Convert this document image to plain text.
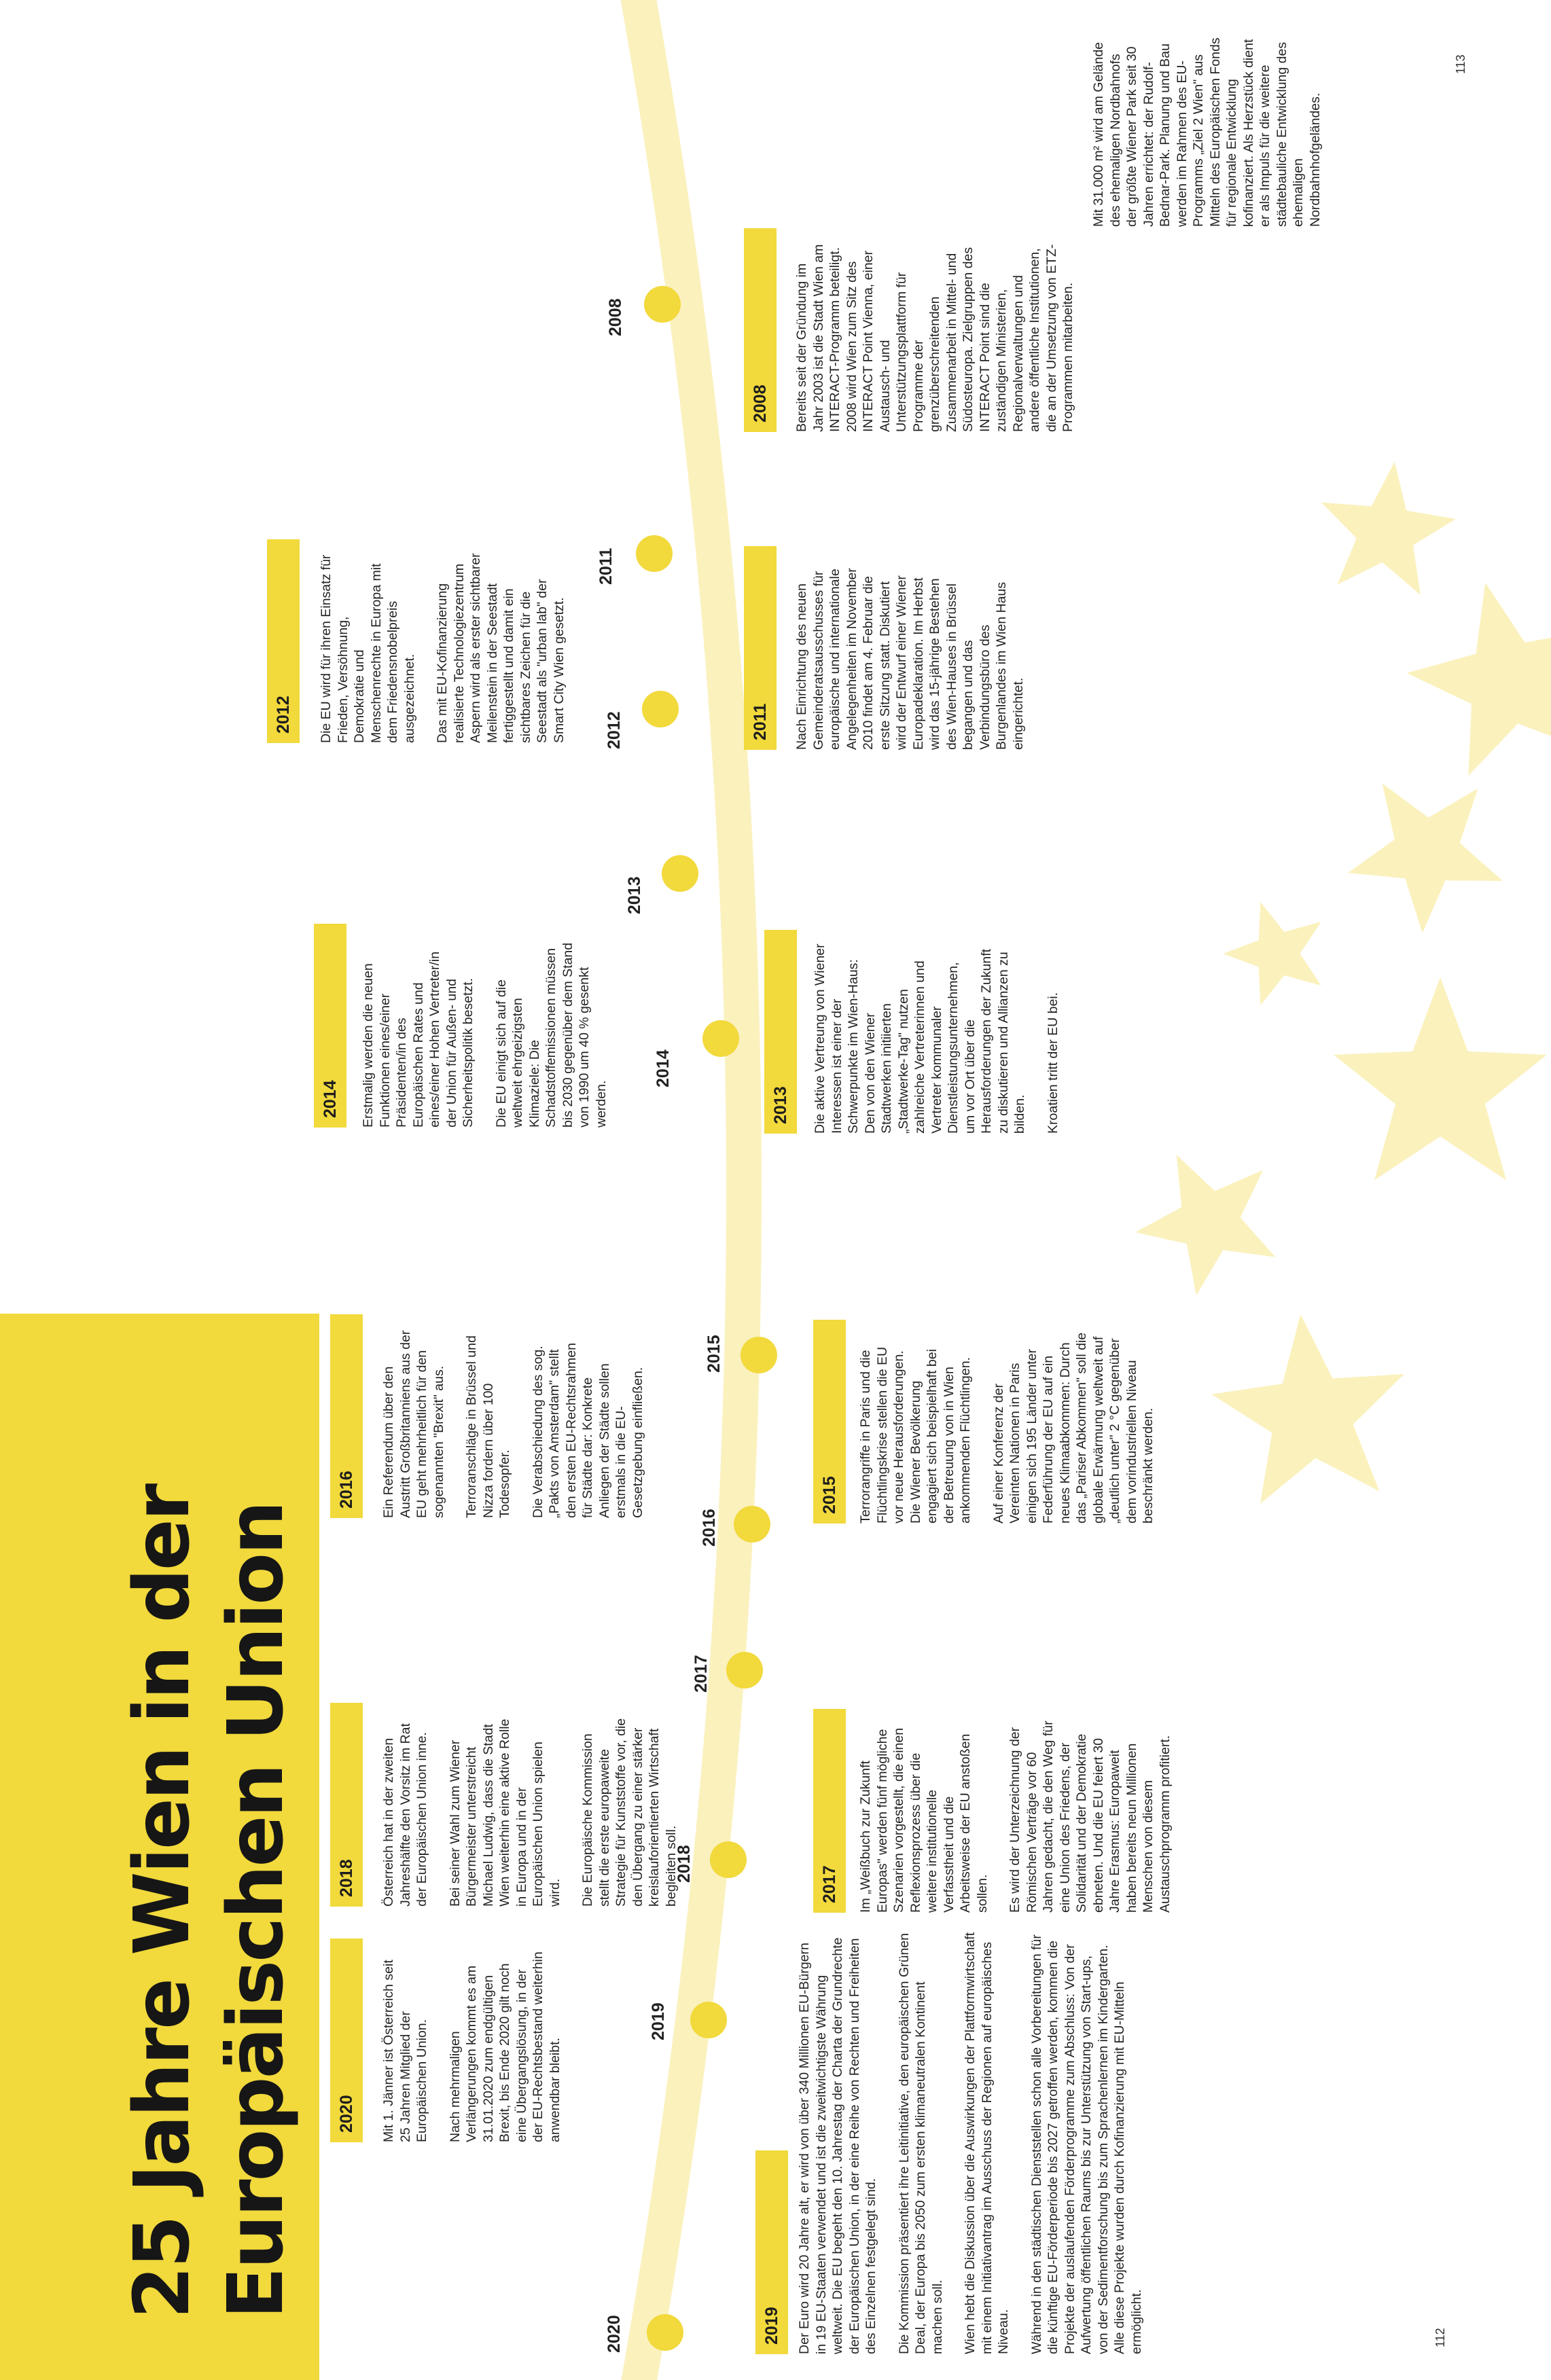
25 Jahre Wien in der
Europäischen Union
2020
2019
2018
2017
2016
2015
2014
2013
2012
2011
2008
2020	Mit 1. Jänner ist Österreich seit 25 Jahren Mitglied der Europäischen Union. Nach mehrmaligen Verlängerungen kommt es am 31.01.2020 zum endgültigen Brexit, bis Ende 2020 gilt noch eine Übergangslösung, in der der EU-Rechtsbestand weiterhin anwendbar bleibt.

2018	Österreich hat in der zweiten Jahreshälfte den Vorsitz im Rat der Europäischen Union inne. Bei seiner Wahl zum Wiener Bürgermeister unterstreicht Michael Ludwig, dass die Stadt Wien weiterhin eine aktive Rolle in Europa und in der Europäischen Union spielen wird. Die Europäische Kommission stellt die erste europaweite Strategie für Kunststoffe vor, die den Übergang zu einer stärker kreislauforientierten Wirtschaft begleiten soll.

2016	Ein Referendum über den Austritt Großbritanniens aus der EU geht mehrheitlich für den sogenannten "Brexit" aus. Terroranschläge in Brüssel und Nizza fordern über 100 Todesopfer. Die Verabschiedung des sog. „Pakts von Amsterdam" stellt den ersten EU-Rechtsrahmen für Städte dar: Konkrete Anliegen der Städte sollen erstmals in die EU- Gesetzgebung einfließen.

2014	Erstmalig werden die neuen Funktionen eines/einer Präsidenten/in des Europäischen Rates und eines/einer Hohen Vertreter/in der Union für Außen- und Sicherheitspolitik besetzt. Die EU einigt sich auf die weltweit ehrgeizigsten Klimaziele: Die Schadstoffemissionen müssen bis 2030 gegenüber dem Stand von 1990 um 40 % gesenkt werden.

2012	Die EU wird für ihren Einsatz für Frieden, Versöhnung, Demokratie und Menschenrechte in Europa mit dem Friedensnobelpreis ausgezeichnet. Das mit EU-Kofinanzierung realisierte Technologiezentrum Aspern wird als erster sichtbarer Meilenstein in der Seestadt fertiggestellt und damit ein sichtbares Zeichen für die Seestadt als "urban lab" der Smart City Wien gesetzt.

2019	Der Euro wird 20 Jahre alt, er wird von über 340 Millionen EU-Bürgern in 19 EU-Staaten verwendet und ist die zweitwichtigste Währung weltweit. Die EU begeht den 10. Jahrestag der Charta der Grundrechte der Europäischen Union, in der eine Reihe von Rechten und Freiheiten des Einzelnen festgelegt sind. Die Kommission präsentiert ihre Leitinitiative, den europäischen Grünen Deal, der Europa bis 2050 zum ersten klimaneutralen Kontinent machen soll. Wien hebt die Diskussion über die Auswirkungen der Plattformwirtschaft mit einem Initiativantrag im Ausschuss der Regionen auf europäisches Niveau. Während in den städtischen Dienststellen schon alle Vorbereitungen für die künftige EU-Förderperiode bis 2027 getroffen werden, kommen die Projekte der auslaufenden Förderprogramme zum Abschluss: Von der Aufwertung öffentlichen Raums bis zur Unterstützung von Start-ups, von der Sedimentforschung bis zum Sprachenlernen im Kindergarten. Alle diese Projekte wurden durch Kofinanzierung mit EU-Mitteln ermöglicht.

2017	Im „Weißbuch zur Zukunft Europas" werden fünf mögliche Szenarien vorgestellt, die einen Reflexionsprozess über die weitere institutionelle Verfasstheit und die Arbeitsweise der EU anstoßen sollen. Es wird der Unterzeichnung der Römischen Verträge vor 60 Jahren gedacht, die den Weg für eine Union des Friedens, der Solidarität und der Demokratie ebneten. Und die EU feiert 30 Jahre Erasmus: Europaweit haben bereits neun Millionen Menschen von diesem Austauschprogramm profitiert.

2015	Terrorangriffe in Paris und die Flüchtlingskrise stellen die EU vor neue Herausforderungen. Die Wiener Bevölkerung engagiert sich beispielhaft bei der Betreuung von in Wien ankommenden Flüchtlingen. Auf einer Konferenz der Vereinten Nationen in Paris einigen sich 195 Länder unter Federführung der EU auf ein neues Klimaabkommen: Durch das „Pariser Abkommen" soll die globale Erwärmung weltweit auf „deutlich unter" 2 °C gegenüber dem vorindustriellen Niveau beschränkt werden.

2013	Die aktive Vertreung von Wiener Interessen ist einer der Schwerpunkte im Wien-Haus: Den von den Wiener Stadtwerken initiierten „Stadtwerke-Tag" nutzen zahlreiche Vertreterinnen und Vertreter kommunaler Dienstleistungsunternehmen, um vor Ort über die Herausforderungen der Zukunft zu diskutieren und Allianzen zu bilden. Kroatien tritt der EU bei.

2011	Nach Einrichtung des neuen Gemeinderatsausschusses für europäische und internationale Angelegenheiten im November 2010 findet am 4. Februar die erste Sitzung statt. Diskutiert wird der Entwurf einer Wiener Europadeklaration. Im Herbst wird das 15-jährige Bestehen des Wien-Hauses in Brüssel begangen und das Verbindungsbüro des Burgenlandes im Wien Haus eingerichtet.

2008	Bereits seit der Gründung im Jahr 2003 ist die Stadt Wien am INTERACT-Programm beteiligt. 2008 wird Wien zum Sitz des INTERACT Point Vienna, einer Austausch- und Unterstützungsplattform für Programme der grenzüberschreitenden Zusammenarbeit in Mittel- und Südosteuropa. Zielgruppen des INTERACT Point sind die zuständigen Ministerien, Regionalverwaltungen und andere öffentliche Institutionen, die an der Umsetzung von ETZ-Programmen mitarbeiten.

Mit 31.000 m² wird am Gelände des ehemaligen Nordbahnofs der größte Wiener Park seit 30 Jahren errichtet: der Rudolf-Bednar-Park. Planung und Bau werden im Rahmen des EU-Programms „Ziel 2 Wien" aus Mitteln des Europäischen Fonds für regionale Entwicklung kofinanziert. Als Herzstück dient er als Impuls für die weitere städtebauliche Entwicklung des ehemaligen Nordbahnhofgeländes.

112
113
